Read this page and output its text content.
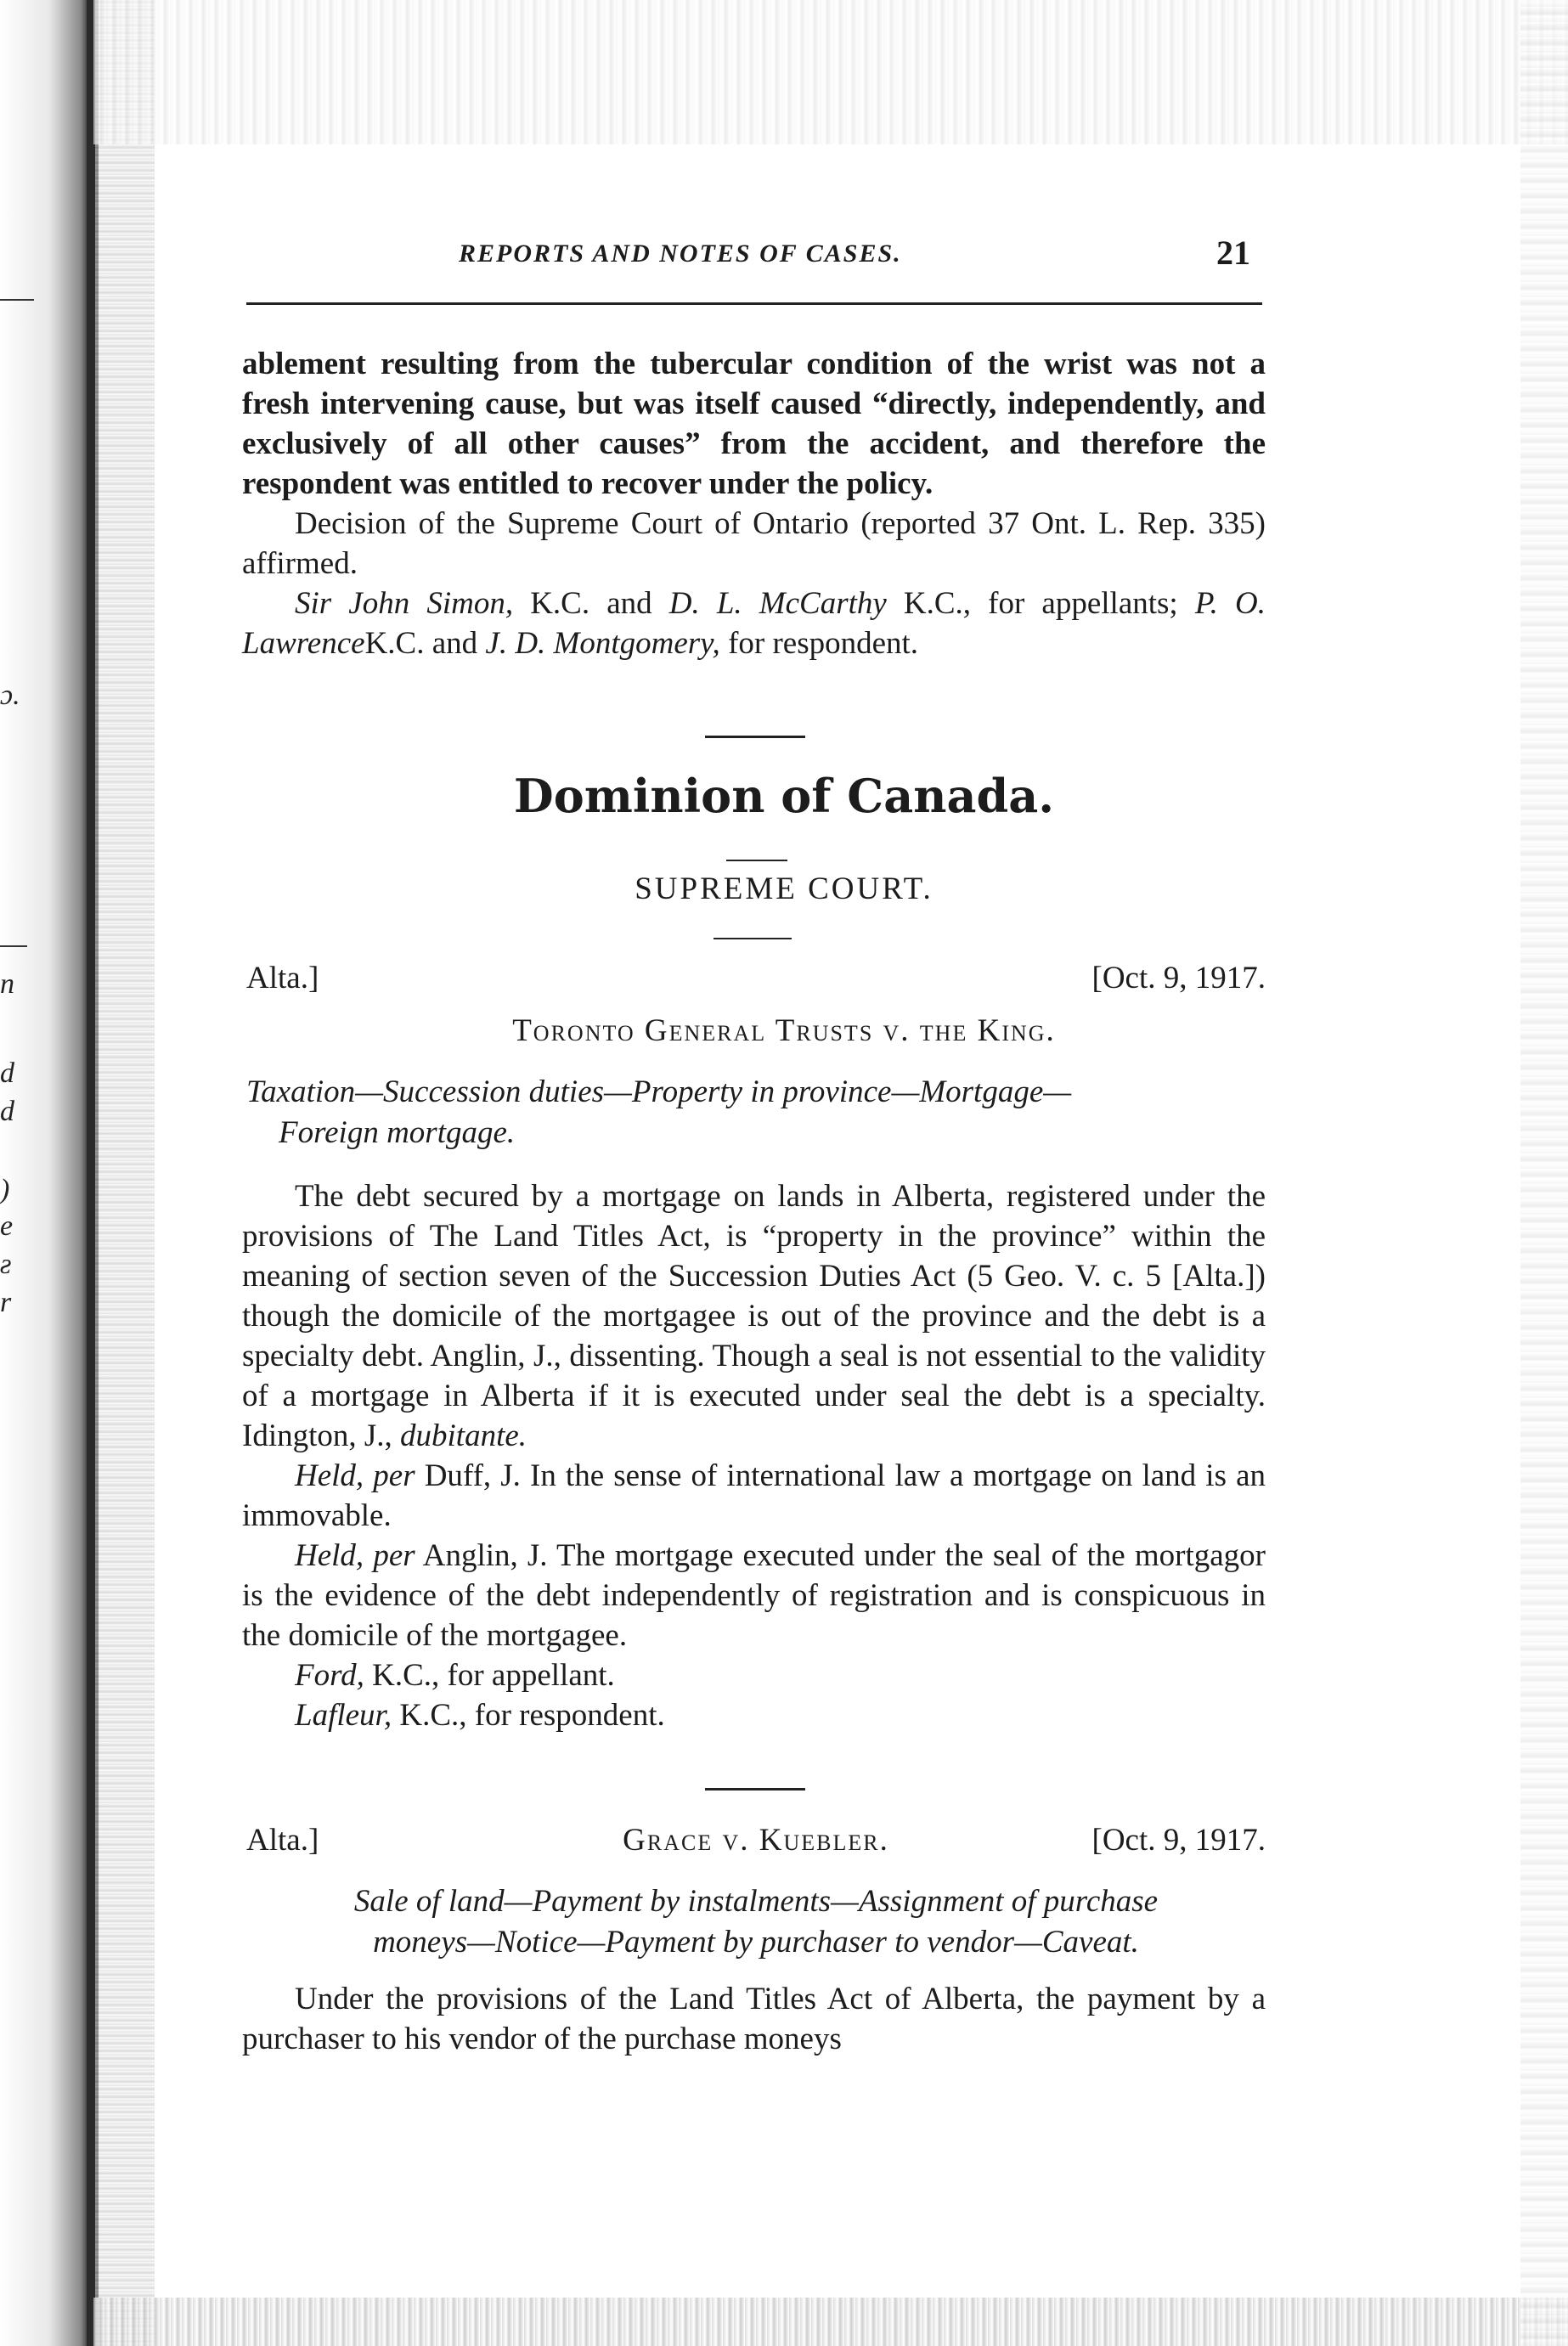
ɔ.
n
d
d
)
e
ƨ
r
REPORTS AND NOTES OF CASES.	21

ablement resulting from the tubercular condition of the wrist was not a fresh intervening cause, but was itself caused “directly, independently, and exclusively of all other causes” from the accident, and therefore the respondent was entitled to recover under the policy.

Decision of the Supreme Court of Ontario (reported 37 Ont. L. Rep. 335) affirmed.

Sir John Simon, K.C. and D. L. McCarthy K.C., for appellants; P. O. LawrenceK.C. and J. D. Montgomery, for respondent.

Dominion of Canada.
SUPREME COURT.
Alta.]	[Oct. 9, 1917.
Toronto General Trusts v. the King.
Taxation—Succession duties—Property in province—Mortgage—
Foreign mortgage.

The debt secured by a mortgage on lands in Alberta, registered under the provisions of The Land Titles Act, is “property in the province” within the meaning of section seven of the Succession Duties Act (5 Geo. V. c. 5 [Alta.]) though the domicile of the mortgagee is out of the province and the debt is a specialty debt. Anglin, J., dissenting. Though a seal is not essential to the validity of a mortgage in Alberta if it is executed under seal the debt is a specialty. Idington, J., dubitante.

Held, per Duff, J. In the sense of international law a mortgage on land is an immovable.

Held, per Anglin, J. The mortgage executed under the seal of the mortgagor is the evidence of the debt independently of registration and is conspicuous in the domicile of the mortgagee.

Ford, K.C., for appellant.

Lafleur, K.C., for respondent.

Alta.]	Grace v. Kuebler.	[Oct. 9, 1917.
Sale of land—Payment by instalments—Assignment of purchase
moneys—Notice—Payment by purchaser to vendor—Caveat.

Under the provisions of the Land Titles Act of Alberta, the payment by a purchaser to his vendor of the purchase moneys
